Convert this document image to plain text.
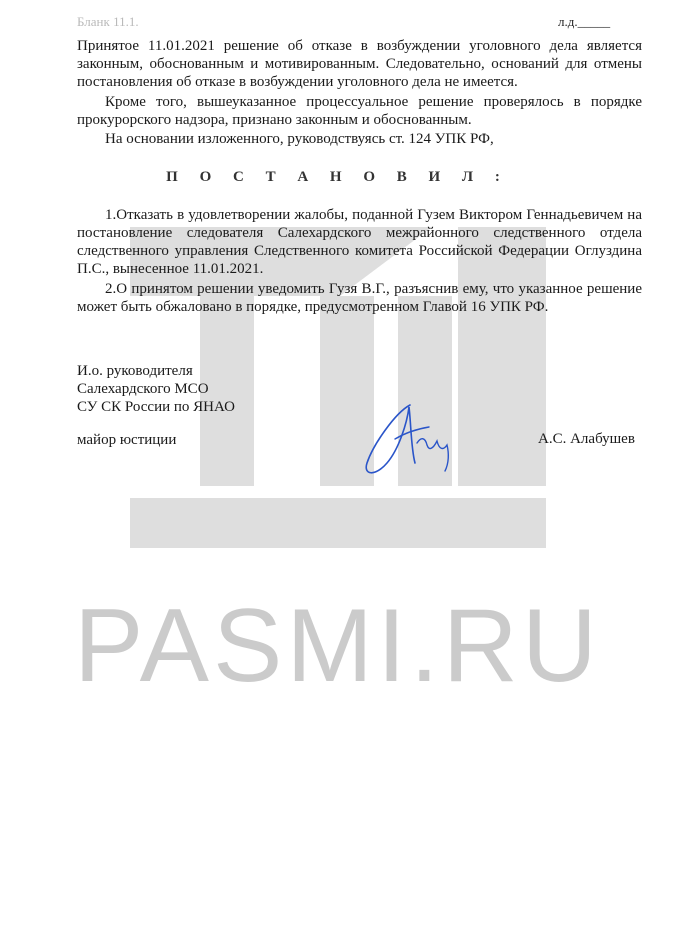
PASMI.RU
Бланк 11.1.	л.д._____
Принятое 11.01.2021 решение об отказе в возбуждении уголовного дела является законным, обоснованным и мотивированным. Следовательно, оснований для отмены постановления об отказе в возбуждении уголовного дела не имеется.
Кроме того, вышеуказанное процессуальное решение проверялось в порядке прокурорского надзора, признано законным и обоснованным.
На основании изложенного, руководствуясь ст. 124 УПК РФ,
П О С Т А Н О В И Л :
1.Отказать в удовлетворении жалобы, поданной Гузем Виктором Геннадьевичем на постановление следователя Салехардского межрайонного следственного отдела следственного управления Следственного комитета Российской Федерации Оглуздина П.С., вынесенное 11.01.2021.
2.О принятом решении уведомить Гузя В.Г., разъяснив ему, что указанное решение может быть обжаловано в порядке, предусмотренном Главой 16 УПК РФ.
И.о. руководителя
Салехардского МСО
СУ СК России по ЯНАО
майор юстиции	А.С. Алабушев
